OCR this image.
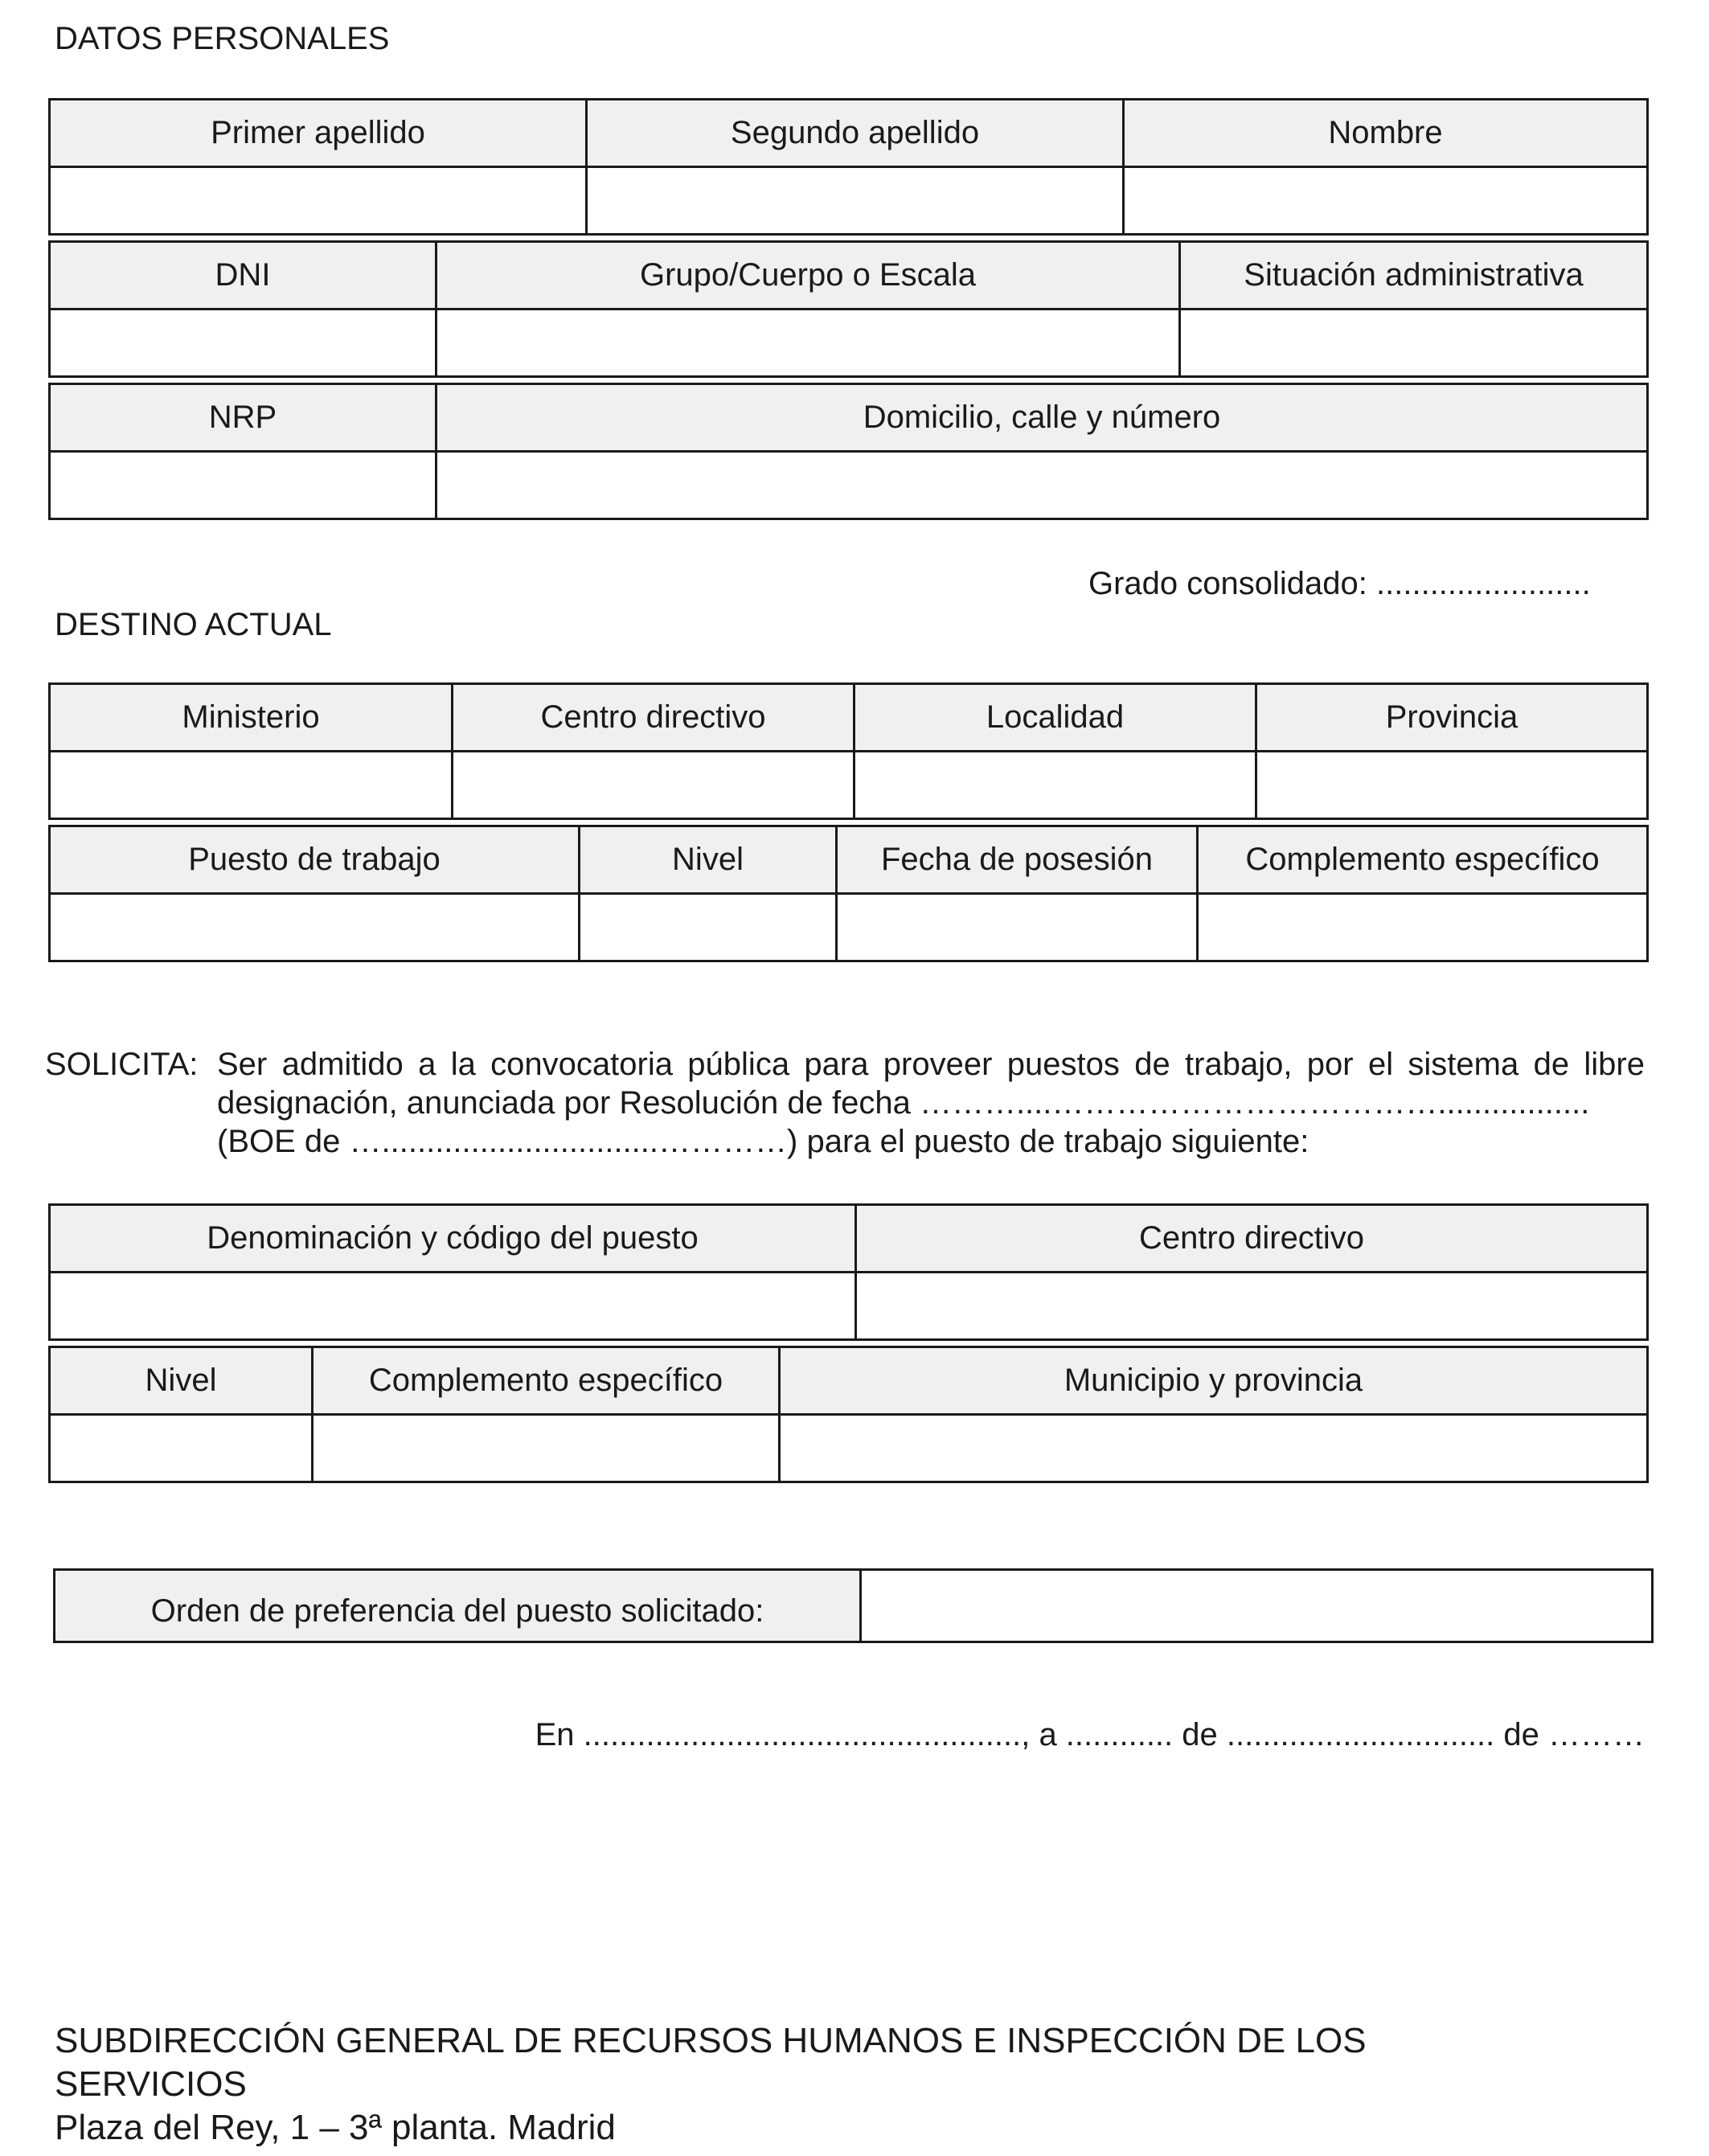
DATOS PERSONALES
Primer apellido	Segundo apellido	Nombre

DNI	Grupo/Cuerpo o Escala	Situación administrativa

NRP	Domicilio, calle y número

Grado consolidado: ........................
DESTINO ACTUAL
Ministerio	Centro directivo	Localidad	Provincia

Puesto de trabajo	Nivel	Fecha de posesión	Complemento específico

SOLICITA: Ser admitido a la convocatoria pública para proveer puestos de trabajo, por el sistema de libre
designación, anunciada por Resolución de fecha ………....……………………………….................
(BOE de …...............................…………) para el puesto de trabajo siguiente:
Denominación y código del puesto	Centro directivo

Nivel	Complemento específico	Municipio y provincia

Orden de preferencia del puesto solicitado:	
En ................................................., a ............ de .............................. de ………
SUBDIRECCIÓN GENERAL DE RECURSOS HUMANOS E INSPECCIÓN DE LOS
SERVICIOS
Plaza del Rey, 1 – 3ª planta. Madrid
